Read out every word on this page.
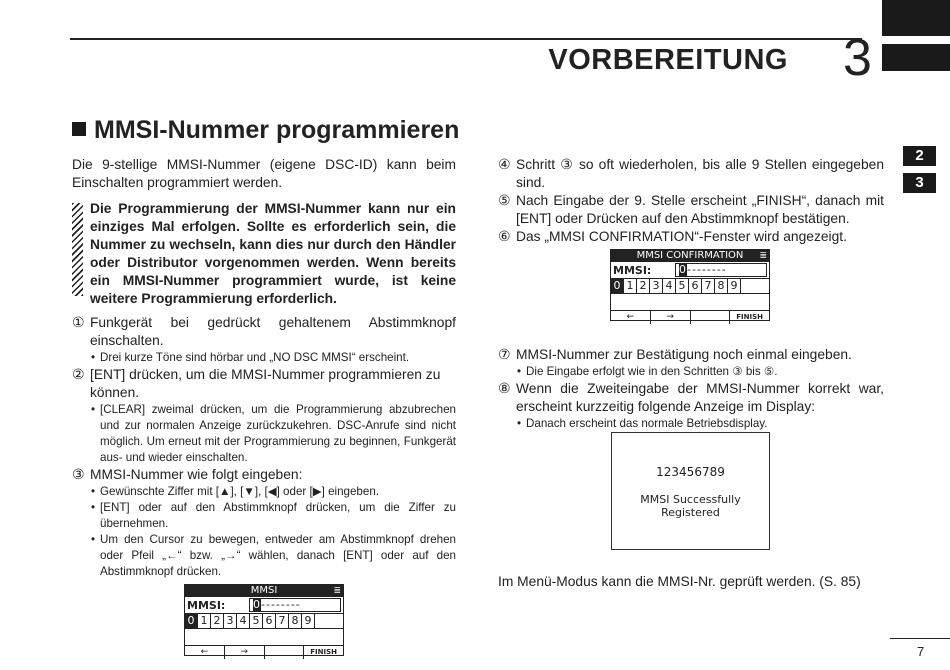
VORBEREITUNG 3
2
3
MMSI-Nummer programmieren

Die 9-stellige MMSI-Nummer (eigene DSC-ID) kann beim Einschalten programmiert werden.

Die Programmierung der MMSI-Nummer kann nur ein einziges Mal erfolgen. Sollte es erforderlich sein, die Nummer zu wechseln, kann dies nur durch den Händler oder Distributor vorgenommen werden. Wenn bereits ein MMSI-Nummer programmiert wurde, ist keine weitere Programmierung erforderlich.
① Funkgerät bei gedrückt gehaltenem Abstimmknopf einschalten.

• Drei kurze Töne sind hörbar und „NO DSC MMSI“ erscheint.
② [ENT] drücken, um die MMSI-Nummer programmieren zu können.

• [CLEAR] zweimal drücken, um die Programmierung abzubrechen und zur normalen Anzeige zurückzukehren. DSC-Anrufe sind nicht möglich. Um erneut mit der Programmierung zu beginnen, Funkgerät aus- und wieder einschalten.
③ MMSI-Nummer wie folgt eingeben:

• Gewünschte Ziffer mit [▲], [▼], [◀] oder [▶] eingeben.
• [ENT] oder auf den Abstimmknopf drücken, um die Ziffer zu übernehmen.
• Um den Cursor zu bewegen, entweder am Abstimmknopf drehen oder Pfeil „←“ bzw. „→“ wählen, danach [ENT] oder auf den Abstimmknopf drücken.
MMSI	≣
MMSI:	0--------
0 1 2 3 4 5 6 7 8 9
←	→	FINISH
④ Schritt ③ so oft wiederholen, bis alle 9 Stellen eingegeben sind.

⑤ Nach Eingabe der 9. Stelle erscheint „FINISH“, danach mit [ENT] oder Drücken auf den Abstimmknopf bestätigen.

⑥ Das „MMSI CONFIRMATION“-Fenster wird angezeigt.

⑦ MMSI-Nummer zur Bestätigung noch einmal eingeben.

• Die Eingabe erfolgt wie in den Schritten ③ bis ⑤.
⑧ Wenn die Zweiteingabe der MMSI-Nummer korrekt war, erscheint kurzzeitig folgende Anzeige im Display:

• Danach erscheint das normale Betriebsdisplay.
MMSI CONFIRMATION ≣
MMSI:	0--------
0 1 2 3 4 5 6 7 8 9
←	→	FINISH
123456789
MMSI Successfully
Registered
Im Menü-Modus kann die MMSI-Nr. geprüft werden. (S. 85)
7
